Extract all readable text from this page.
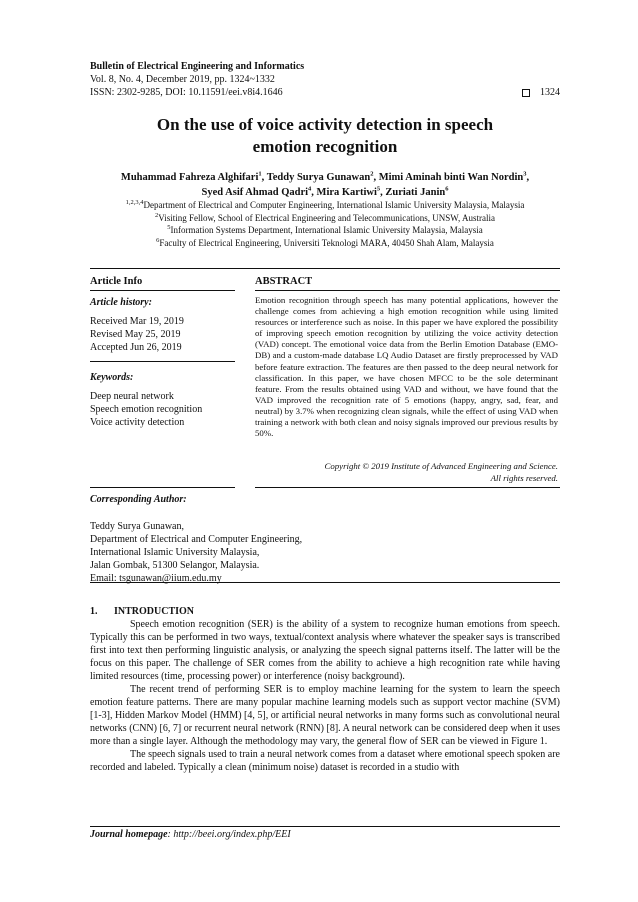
Bulletin of Electrical Engineering and Informatics
Vol. 8, No. 4, December 2019, pp. 1324~1332
ISSN: 2302-9285, DOI: 10.11591/eei.v8i4.1646	1324
On the use of voice activity detection in speech
emotion recognition
Muhammad Fahreza Alghifari$^1$, Teddy Surya Gunawan$^2$, Mimi Aminah binti Wan Nordin$^3$,
Syed Asif Ahmad Qadri$^4$, Mira Kartiwi$^5$, Zuriati Janin$^6$
$^{1,2,3,4}$Department of Electrical and Computer Engineering, International Islamic University Malaysia, Malaysia
$^2$Visiting Fellow, School of Electrical Engineering and Telecommunications, UNSW, Australia
$^5$Information Systems Department, International Islamic University Malaysia, Malaysia
$^6$Faculty of Electrical Engineering, Universiti Teknologi MARA, 40450 Shah Alam, Malaysia
Article Info	ABSTRACT
Article history:
Received Mar 19, 2019
Revised May 25, 2019
Accepted Jun 26, 2019
Keywords:
Deep neural network
Speech emotion recognition
Voice activity detection
Emotion recognition through speech has many potential applications, however the challenge comes from achieving a high emotion recognition while using limited resources or interference such as noise. In this paper we have explored the possibility of improving speech emotion recognition by utilizing the voice activity detection (VAD) concept. The emotional voice data from the Berlin Emotion Database (EMO-DB) and a custom-made database LQ Audio Dataset are firstly preprocessed by VAD before feature extraction. The features are then passed to the deep neural network for classification. In this paper, we have chosen MFCC to be the sole determinant feature. From the results obtained using VAD and without, we have found that the VAD improved the recognition rate of 5 emotions (happy, angry, sad, fear, and neutral) by 3.7% when recognizing clean signals, while the effect of using VAD when training a network with both clean and noisy signals improved our previous results by 50%.
Copyright © 2019 Institute of Advanced Engineering and Science.
All rights reserved.
Corresponding Author:
Teddy Surya Gunawan,
Department of Electrical and Computer Engineering,
International Islamic University Malaysia,
Jalan Gombak, 51300 Selangor, Malaysia.
Email: tsgunawan@iium.edu.my
1. INTRODUCTION

Speech emotion recognition (SER) is the ability of a system to recognize human emotions from speech. Typically this can be performed in two ways, textual/context analysis where whatever the speaker says is transcribed first into text then performing linguistic analysis, or analyzing the speech signal patterns itself. The latter will be the focus on this paper. The challenge of SER comes from the ability to achieve a high recognition rate while having limited resources (time, processing power) or interference (noisy background).

The recent trend of performing SER is to employ machine learning for the system to learn the speech emotion feature patterns. There are many popular machine learning models such as support vector machine (SVM) [1-3], Hidden Markov Model (HMM) [4, 5], or artificial neural networks in many forms such as convolutional neural networks (CNN) [6, 7] or recurrent neural network (RNN) [8]. A neural network can be considered deep when it uses more than a single layer. Although the methodology may vary, the general flow of SER can be viewed in Figure 1.

The speech signals used to train a neural network comes from a dataset where emotional speech spoken are recorded and labeled. Typically a clean (minimum noise) dataset is recorded in a studio with

Journal homepage: http://beei.org/index.php/EEI
